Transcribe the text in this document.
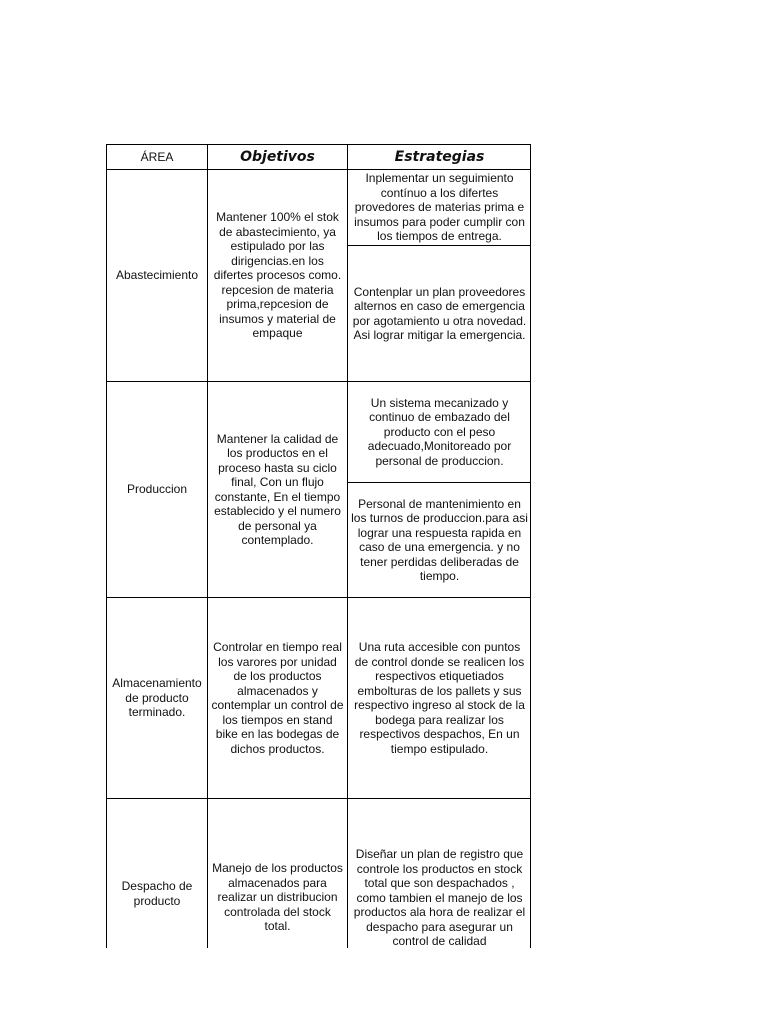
ÁREA	Objetivos	Estrategias
Abastecimiento
Mantener 100% el stok de abastecimiento, ya estipulado por las dirigencias.en los difertes procesos como. repcesion de materia prima,repcesion de insumos y material de empaque
Inplementar un seguimiento contínuo a los difertes provedores de materias prima e insumos para poder cumplir con los tiempos de entrega.
Contenplar un plan proveedores alternos en caso de emergencia por agotamiento u otra novedad. Asi lograr mitigar la emergencia.
Produccion
Mantener la calidad de los productos en el proceso hasta su ciclo final, Con un flujo constante, En el tiempo establecido y el numero de personal ya contemplado.
Un sistema mecanizado y continuo de embazado del producto con el peso adecuado,Monitoreado por personal de produccion.
Personal de mantenimiento en los turnos de produccion.para asi lograr una respuesta rapida en caso de una emergencia. y no tener perdidas deliberadas de tiempo.
Almacenamiento de producto terminado.
Controlar en tiempo real los varores por unidad de los productos almacenados y contemplar un control de los tiempos en stand bike en las bodegas de dichos productos.
Una ruta accesible con puntos de control donde se realicen los respectivos etiquetiados embolturas de los pallets y sus respectivo ingreso al stock de la bodega para realizar los respectivos despachos, En un tiempo estipulado.
Despacho de producto
Manejo de los productos almacenados para realizar un distribucion controlada del stock total.
Diseñar un plan de registro que controle los productos en stock total que son despachados , como tambien el manejo de los productos ala hora de realizar el despacho para asegurar un control de calidad
